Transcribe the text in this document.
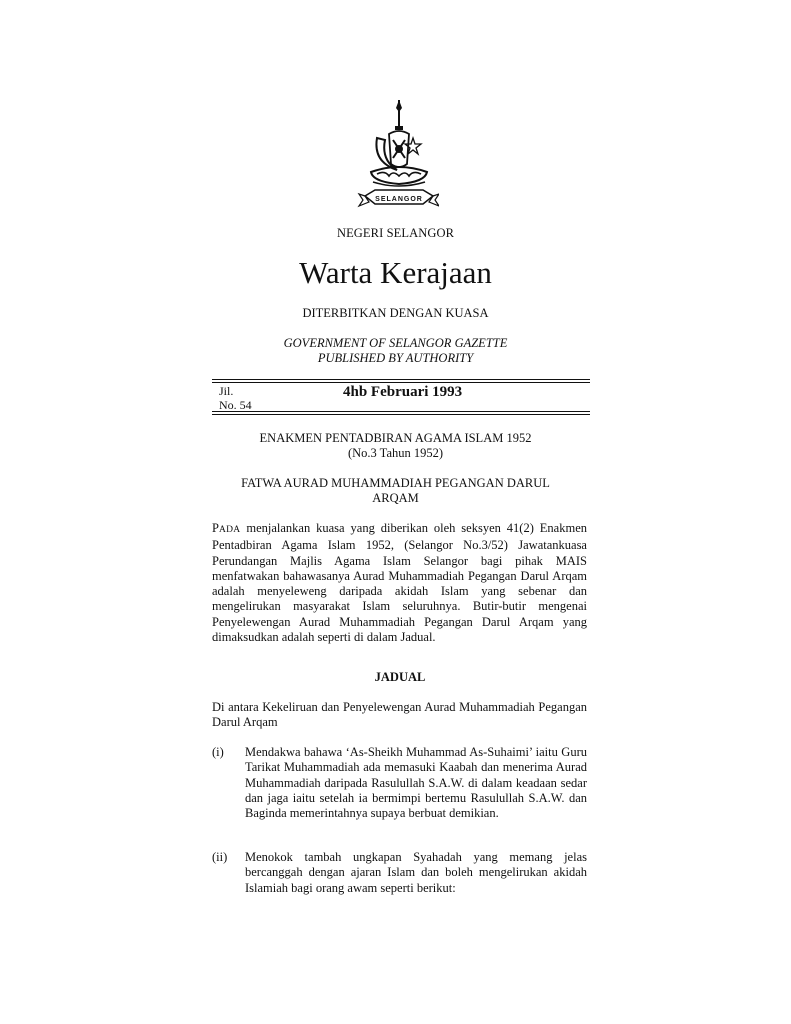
SELANGOR
NEGERI SELANGOR
Warta Kerajaan
DITERBITKAN DENGAN KUASA
GOVERNMENT OF SELANGOR GAZETTE
PUBLISHED BY AUTHORITY
Jil.
No. 54
4hb Februari 1993
ENAKMEN PENTADBIRAN AGAMA ISLAM 1952
(No.3 Tahun 1952)
FATWA AURAD MUHAMMADIAH PEGANGAN DARUL
ARQAM
PADA menjalankan kuasa yang diberikan oleh seksyen 41(2) Enakmen Pentadbiran Agama Islam 1952, (Selangor No.3/52) Jawatankuasa Perundangan Majlis Agama Islam Selangor bagi pihak MAIS menfatwakan bahawasanya Aurad Muhammadiah Pegangan Darul Arqam adalah menyeleweng daripada akidah Islam yang sebenar dan mengelirukan masyarakat Islam seluruhnya. Butir-butir mengenai Penyelewengan Aurad Muhammadiah Pegangan Darul Arqam yang dimaksudkan adalah seperti di dalam Jadual.
JADUAL
Di antara Kekeliruan dan Penyelewengan Aurad Muhammadiah Pegangan Darul Arqam
(i) Mendakwa bahawa ‘As-Sheikh Muhammad As-Suhaimi’ iaitu Guru Tarikat Muhammadiah ada memasuki Kaabah dan menerima Aurad Muhammadiah daripada Rasulullah S.A.W. di dalam keadaan sedar dan jaga iaitu setelah ia bermimpi bertemu Rasulullah S.A.W. dan Baginda memerintahnya supaya berbuat demikian.
(ii) Menokok tambah ungkapan Syahadah yang memang jelas bercanggah dengan ajaran Islam dan boleh mengelirukan akidah Islamiah bagi orang awam seperti berikut:
